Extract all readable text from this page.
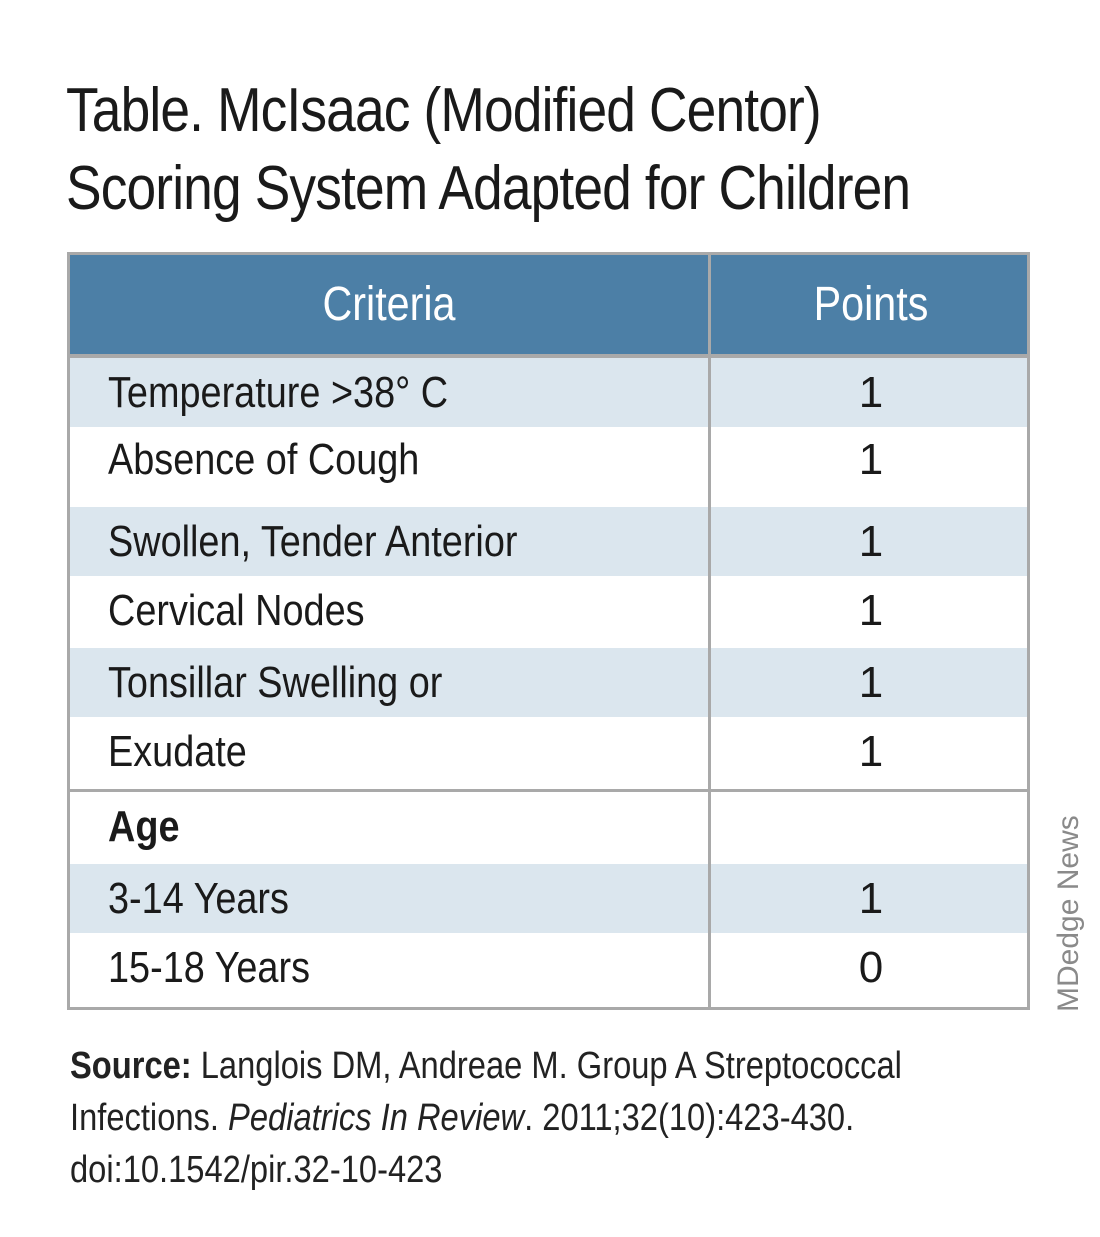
Table. McIsaac (Modified Centor)
Scoring System Adapted for Children
Criteria	Points
Temperature >38° C	1
Absence of Cough	1
Swollen, Tender Anterior	1
Cervical Nodes	1
Tonsillar Swelling or	1
Exudate	1
Age
3-14 Years	1
15-18 Years	0
Source: Langlois DM, Andreae M. Group A Streptococcal Infections. Pediatrics In Review. 2011;32(10):423-430. doi:10.1542/pir.32-10-423
MDedge News
